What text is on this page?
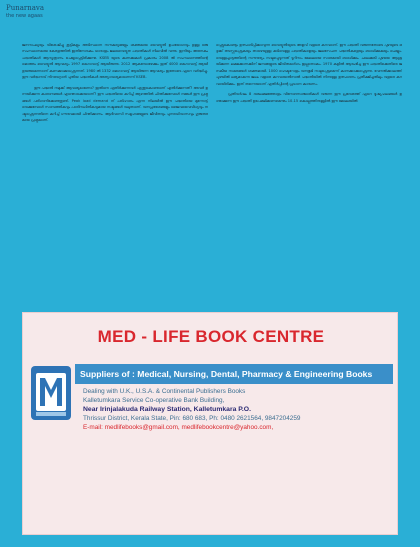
Punarnava
the new agaas

ജനസംഖ്യയും വിശേഷിച്ചു കൂട്ടികളും അടിസ്ഥാന സൗകര്യങ്ങളും ശക്തമായ വൈദ്യുതി ഉപയോഗവും ഉള്ള ഒരു സംസ്ഥാനമായ കേരളത്തിൽ ഇതിനോടകം ധാരാളം ജലവൈദ്യുത പദ്ധതികൾ നിലവിൽ വന്നു. ഇനിയും അനേകം പദ്ധതികൾ ആസൂത്രണം ചെയ്യപ്പെട്ടിരിക്കുന്നു. KSEB യുടെ കണക്കുകൾ പ്രകാരം 2008 ൽ സംസ്ഥാനത്തിന്റെ മൊത്തം വൈദ്യുതി ആവശ്യം 1997 മെഗാവാട്ട് ആയിരുന്നു. 2012 ആകുമ്പോഴേക്കും ഇത് 4000 മെഗാവാട്ട് ആയി ഉയരുമെന്നാണ് കണക്കാക്കപ്പെടുന്നത്. 1980 ൽ 1332 മെഗാവാട്ട് ആയിരുന്ന ആവശ്യം ഇതോടെ ഏറെ വർദ്ധിച്ചു. ഈ വർദ്ധനവ് നിറവേറ്റാൻ പുതിയ പദ്ധതികൾ അത്യാവശ്യമാണെന്ന് KSEB.

ഈ പദ്ധതി നമുക്ക് ആവശ്യമാണോ? ഇതിനെ എതിർക്കുന്നവർ എന്തുകൊണ്ടാണ് എതിർക്കുന്നത്? അവർ ഉന്നയിക്കുന്ന കാരണങ്ങൾ എന്തൊക്കെയാണ്? ഈ പദ്ധതിയെ കുറിച്ച് ആഴത്തിൽ ചിന്തിക്കുമ്പോൾ നമ്മൾ ഈ പ്രശ്നങ്ങൾ പരിഗണിക്കേണ്ടതുണ്ട്. Peak load demand ന് പരിഹാരം എന്ന നിലയിൽ ഈ പദ്ധതിയെ മുന്നോട്ട് വെക്കുമ്പോൾ സാമ്പത്തികവും പാരിസ്ഥിതികവുമായ നഷ്ടങ്ങൾ വലുതാണ്. വനപ്രദേശങ്ങളും ജൈവവൈവിധ്യവും നഷ്ടപ്പെടുന്നതിനെ കുറിച്ച് ഗൗരവമായി ചിന്തിക്കണം. ആദിവാസി സമൂഹങ്ങളുടെ ജീവിതവും പുനരധിവാസവും ഗുരുതരമായ പ്രശ്നമാണ്.

പ്പെട്ടുകൊണ്ടും ഉത്പാദിപ്പിക്കാവുന്ന വൈദ്യുതിയുടെ അളവ് വളരെ കുറവാണ്. ഈ പദ്ധതി വരുന്നതോടെ പുഴയുടെ ഒഴുക്ക് തടസ്സപ്പെടുകയും താഴെയുള്ള കുടിവെള്ള പദ്ധതികളെയും ജലസേചന പദ്ധതികളെയും ബാധിക്കുകയും ചെയ്യും. വെള്ളച്ചാട്ടത്തിന്റെ സൗന്ദര്യം നഷ്ടപ്പെടുന്നത് ടൂറിസം മേഖലയെ സാരമായി ബാധിക്കും. ചാലക്കുടി പുഴയെ ആശ്രയിക്കുന്ന ലക്ഷക്കണക്കിന് ജനങ്ങളുടെ ജീവിതമാർഗം ഇല്ലാതാകും. 1970 കളിൽ ആരംഭിച്ച ഈ പദ്ധതിക്കെതിരെ ജനകീയ സമരങ്ങൾ ശക്തമായി. 1000 ഹെക്ടറോളം വനഭൂമി നഷ്ടപ്പെടുമെന്ന് കണക്കാക്കപ്പെടുന്നു. വേനൽക്കാലത്ത് പുഴയിൽ ലഭ്യമാകുന്ന ജലം വളരെ കുറവായതിനാൽ പദ്ധതിയിൽ നിന്നുള്ള ഉത്പാദനം പ്രതീക്ഷിച്ചതിലും വളരെ കുറവായിരിക്കും. ഇത് തന്നെയാണ് എതിർപ്പിന്റെ പ്രധാന കാരണം.

പ്രതിവർഷം 8 ദശലക്ഷത്തോളം വിനോദസഞ്ചാരികൾ വരുന്ന ഈ പ്രദേശത്ത് ഏറെ ദൂഷ്യഫലങ്ങൾ ഉണ്ടാക്കുന്ന ഈ പദ്ധതി ഉപേക്ഷിക്കണമെന്നും 10-15 കൊല്ലത്തിനുള്ളിൽ ഈ മേഖലയിൽ

MED - LIFE BOOK CENTRE
Suppliers of : Medical, Nursing, Dental, Pharmacy & Engineering Books
Dealing with U.K., U.S.A. & Continental Publishers Books
Kalletumkara Service Co-operative Bank Building,
Near Irinjalakuda Railway Station, Kalletumkara P.O.
Thrissur District, Kerala State, Pin: 680 683, Ph: 0480 2621564, 9847204259
E-mail: medlifebooks@gmail.com, medlifebookcentre@yahoo.com,
